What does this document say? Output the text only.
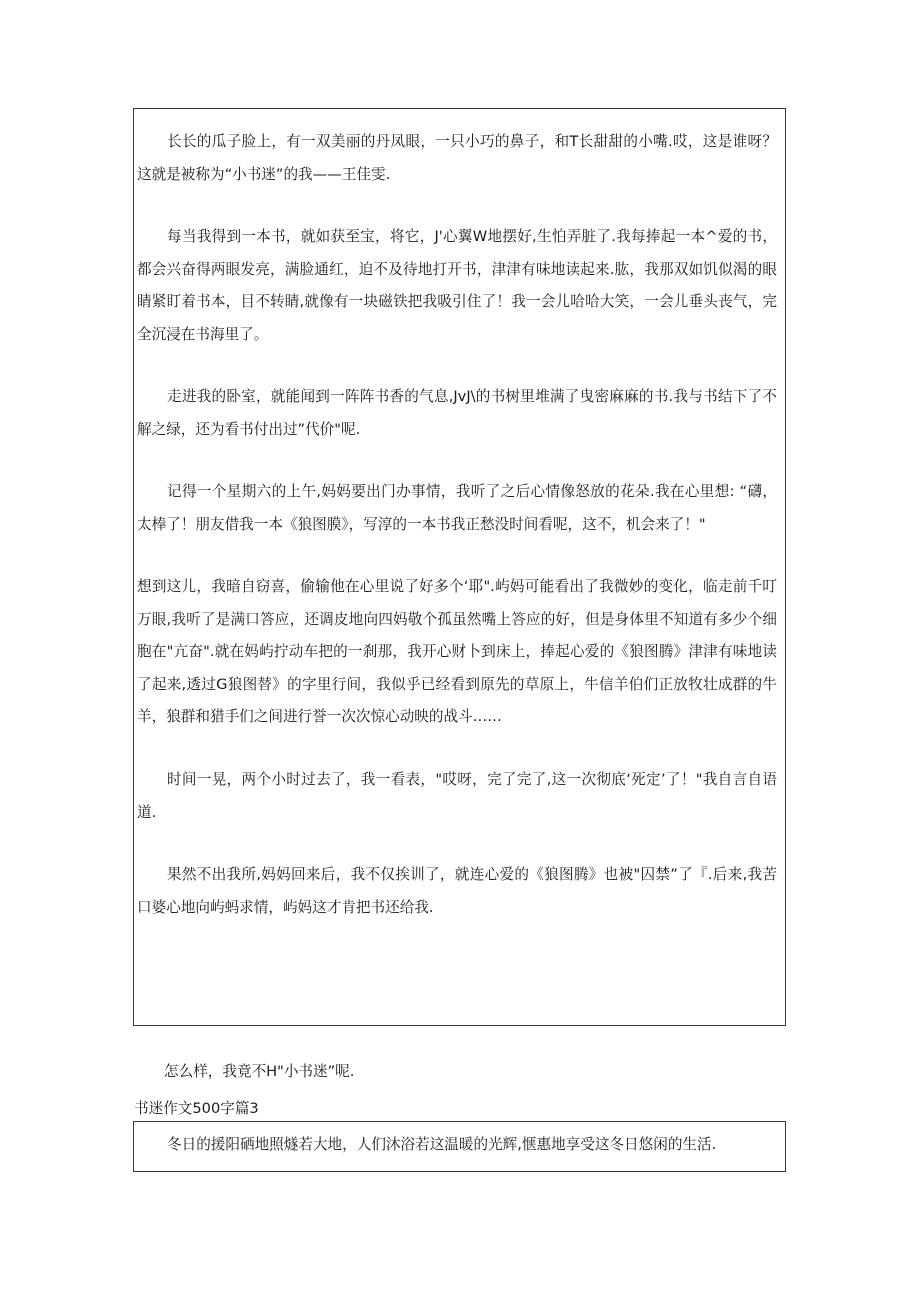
长长的瓜子脸上，有一双美丽的丹凤眼，一只小巧的鼻子，和T长甜甜的小嘴.哎，这是谁呀？这就是被称为“小书迷”的我——王佳雯.
每当我得到一本书，就如获至宝，将它，J'心翼W地摆好,生怕弄脏了.我每捧起一本^爱的书，都会兴奋得两眼发亮，满脸通红，迫不及待地打开书，津津有味地读起来.肱，我那双如饥似渴的眼睛紧盯着书本，目不转睛,就像有一块磁铁把我吸引住了！我一会儿哈哈大笑，一会儿垂头丧气，完全沉浸在书海里了。
走进我的卧室，就能闻到一阵阵书香的气息,JvJ\的书树里堆满了曳密麻麻的书.我与书结下了不解之绿，还为看书付出过”代价"呢.
记得一个星期六的上午,妈妈要出门办事情，我听了之后心情像怒放的花朵.我在心里想: “礴，太棒了！朋友借我一本《狼图膜》，写淳的一本书我正愁没时间看呢，这不，机会来了！"
想到这儿，我暗自窃喜，偷输他在心里说了好多个‘耶".屿妈可能看出了我微妙的变化，临走前千叮万眼,我听了是满口答应，还调皮地向四妈敬个孤虽然嘴上答应的好，但是身体里不知道有多少个细胞在"亢奋".就在妈屿拧动车把的一刹那，我开心财卜到床上，捧起心爱的《狼图腾》津津有味地读了起来,透过G狼图替》的字里行间，我似乎已经看到原先的草原上，牛信羊伯们正放牧壮成群的牛羊，狼群和猎手们之间进行誉一次次惊心动映的战斗……
时间一晃，两个小时过去了，我一看表，"哎呀，完了完了,这一次彻底‘死定’了！"我自言自语道.
果然不出我所,妈妈回来后，我不仅挨训了，就连心爱的《狼图腾》也被"囚禁”了『.后来,我苦口婆心地向屿蚂求情，屿妈这才肯把书还给我.
怎么样，我竟不H"小书迷”呢.
书迷作文500字篇3
冬日的援阳硒地照燧若大地，人们沐浴若这温暖的光辉,惬惠地享受这冬日悠闲的生活.
